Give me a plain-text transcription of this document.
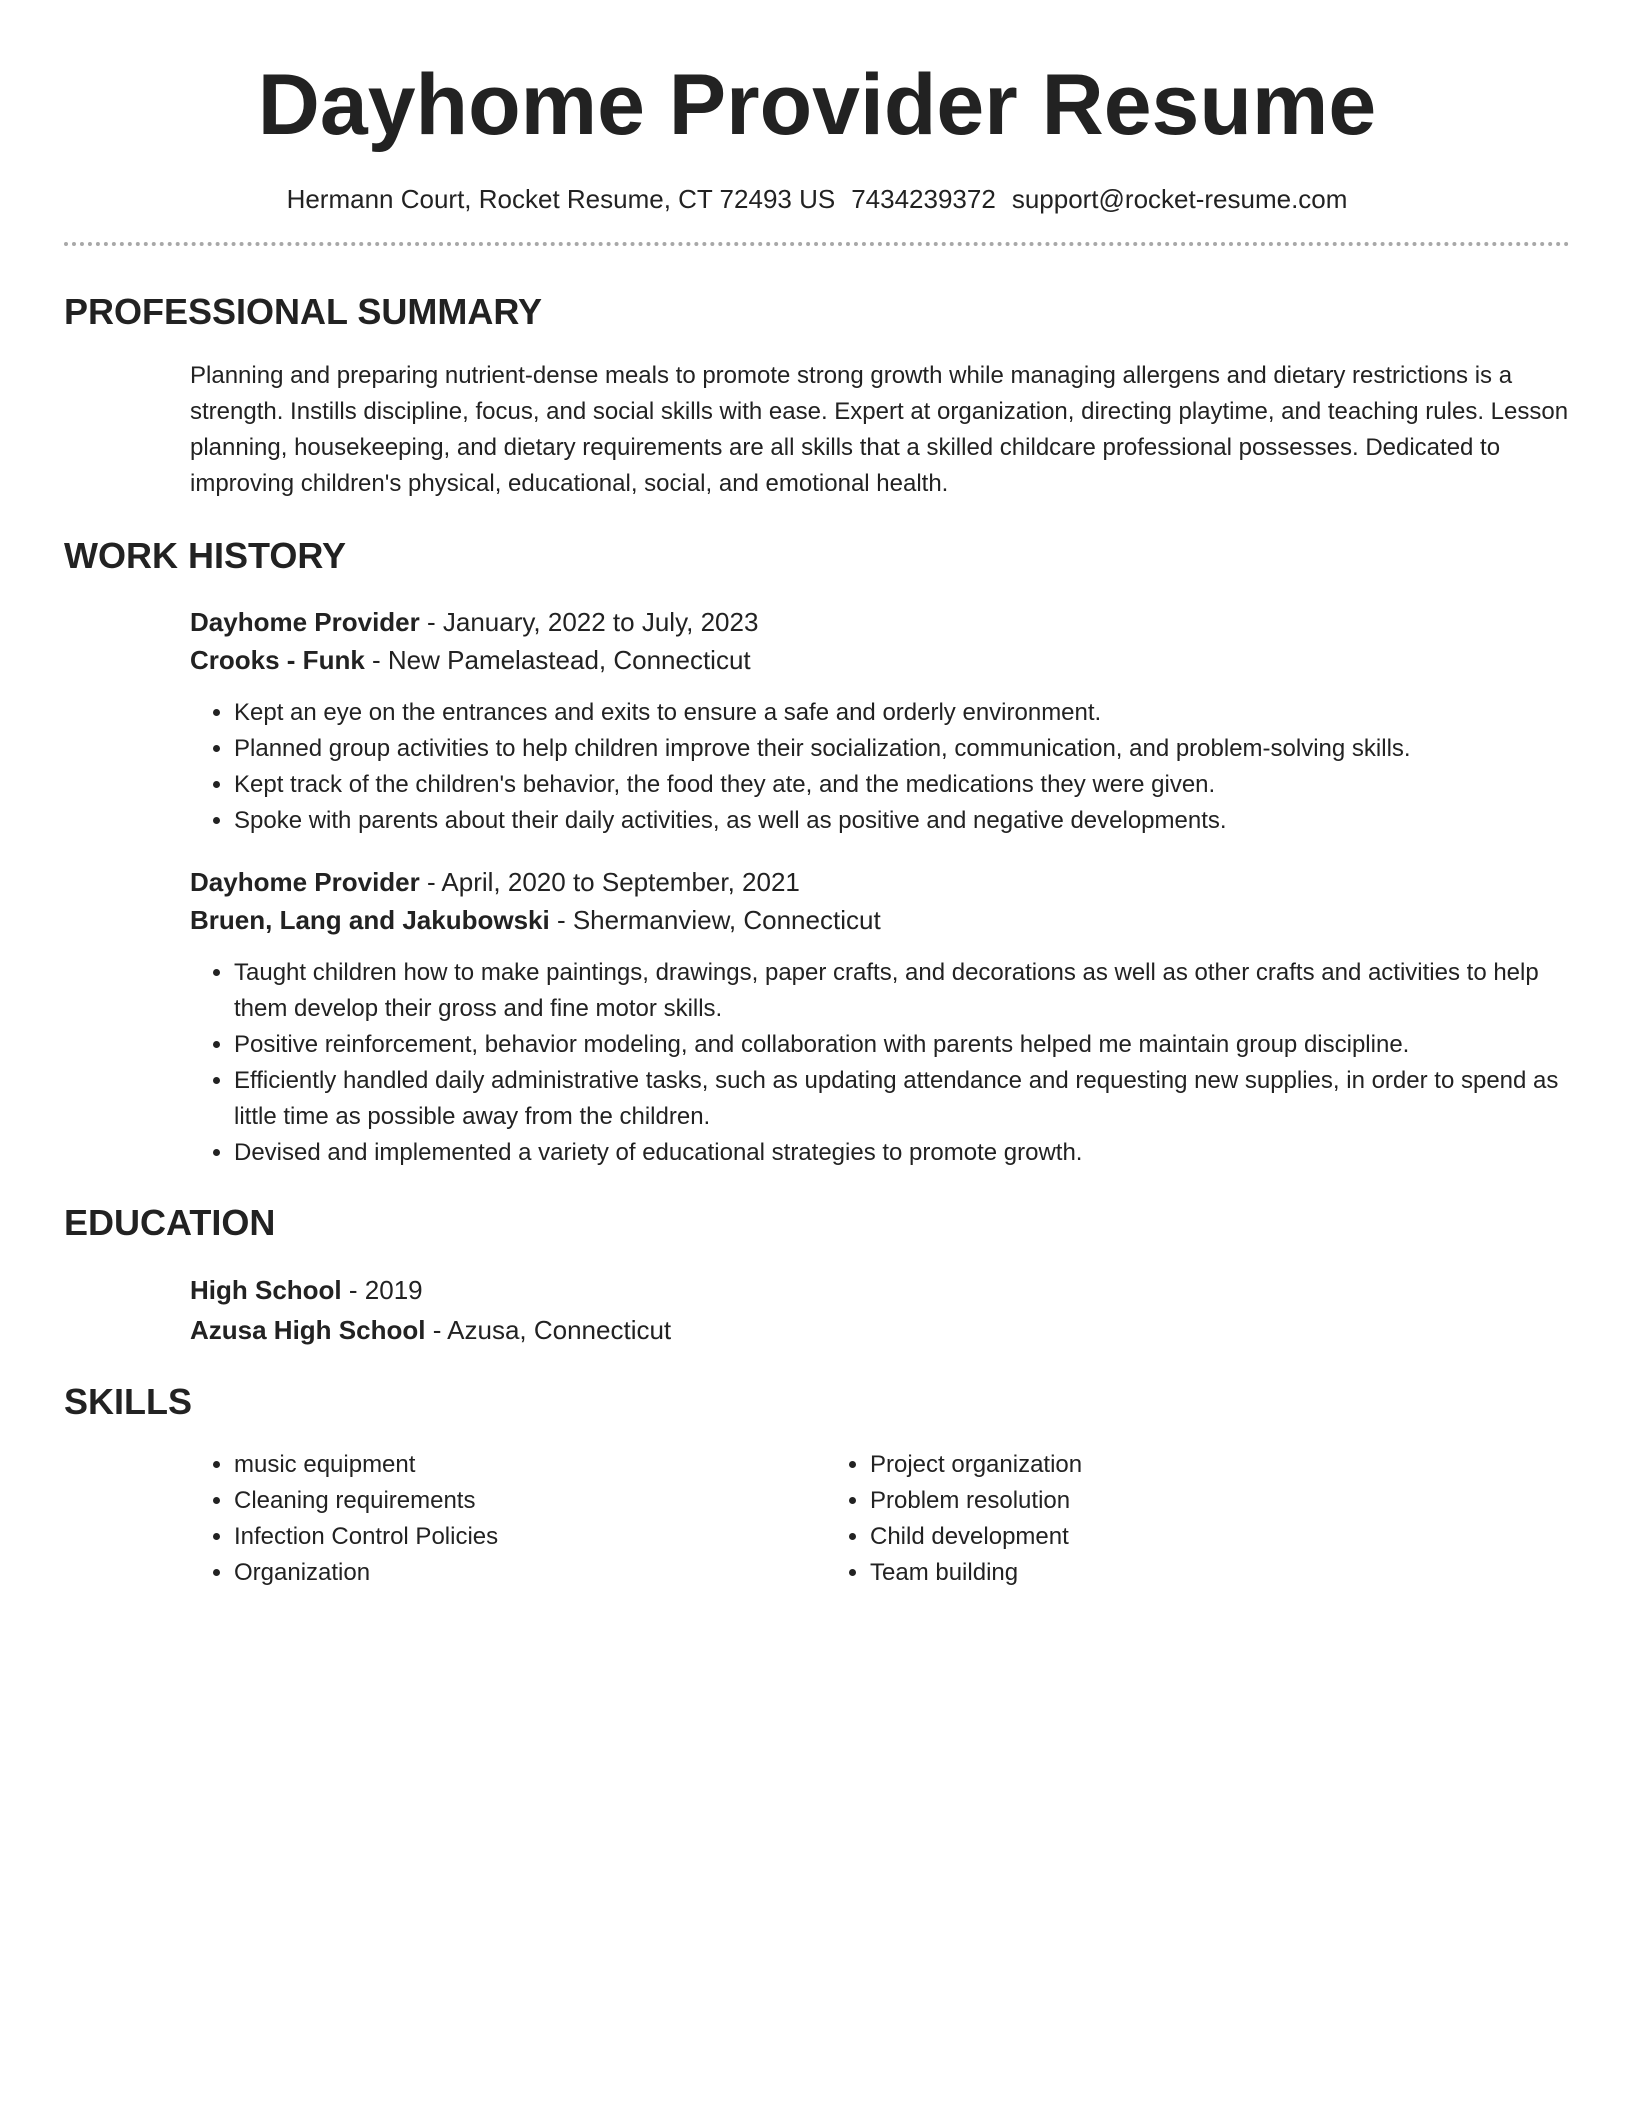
Dayhome Provider Resume
Hermann Court, Rocket Resume, CT 72493 US 7434239372 support@rocket-resume.com
PROFESSIONAL SUMMARY

Planning and preparing nutrient-dense meals to promote strong growth while managing allergens and dietary restrictions is a strength. Instills discipline, focus, and social skills with ease. Expert at organization, directing playtime, and teaching rules. Lesson planning, housekeeping, and dietary requirements are all skills that a skilled childcare professional possesses. Dedicated to improving children's physical, educational, social, and emotional health.

WORK HISTORY
Dayhome Provider - January, 2022 to July, 2023
Crooks - Funk - New Pamelastead, Connecticut
• Kept an eye on the entrances and exits to ensure a safe and orderly environment.
• Planned group activities to help children improve their socialization, communication, and problem-solving skills.
• Kept track of the children's behavior, the food they ate, and the medications they were given.
• Spoke with parents about their daily activities, as well as positive and negative developments.
Dayhome Provider - April, 2020 to September, 2021
Bruen, Lang and Jakubowski - Shermanview, Connecticut
• Taught children how to make paintings, drawings, paper crafts, and decorations as well as other crafts and activities to help them develop their gross and fine motor skills.
• Positive reinforcement, behavior modeling, and collaboration with parents helped me maintain group discipline.
• Efficiently handled daily administrative tasks, such as updating attendance and requesting new supplies, in order to spend as little time as possible away from the children.
• Devised and implemented a variety of educational strategies to promote growth.
EDUCATION
High School - 2019
Azusa High School - Azusa, Connecticut
SKILLS
• music equipment
• Cleaning requirements
• Infection Control Policies
• Organization
• Project organization
• Problem resolution
• Child development
• Team building
